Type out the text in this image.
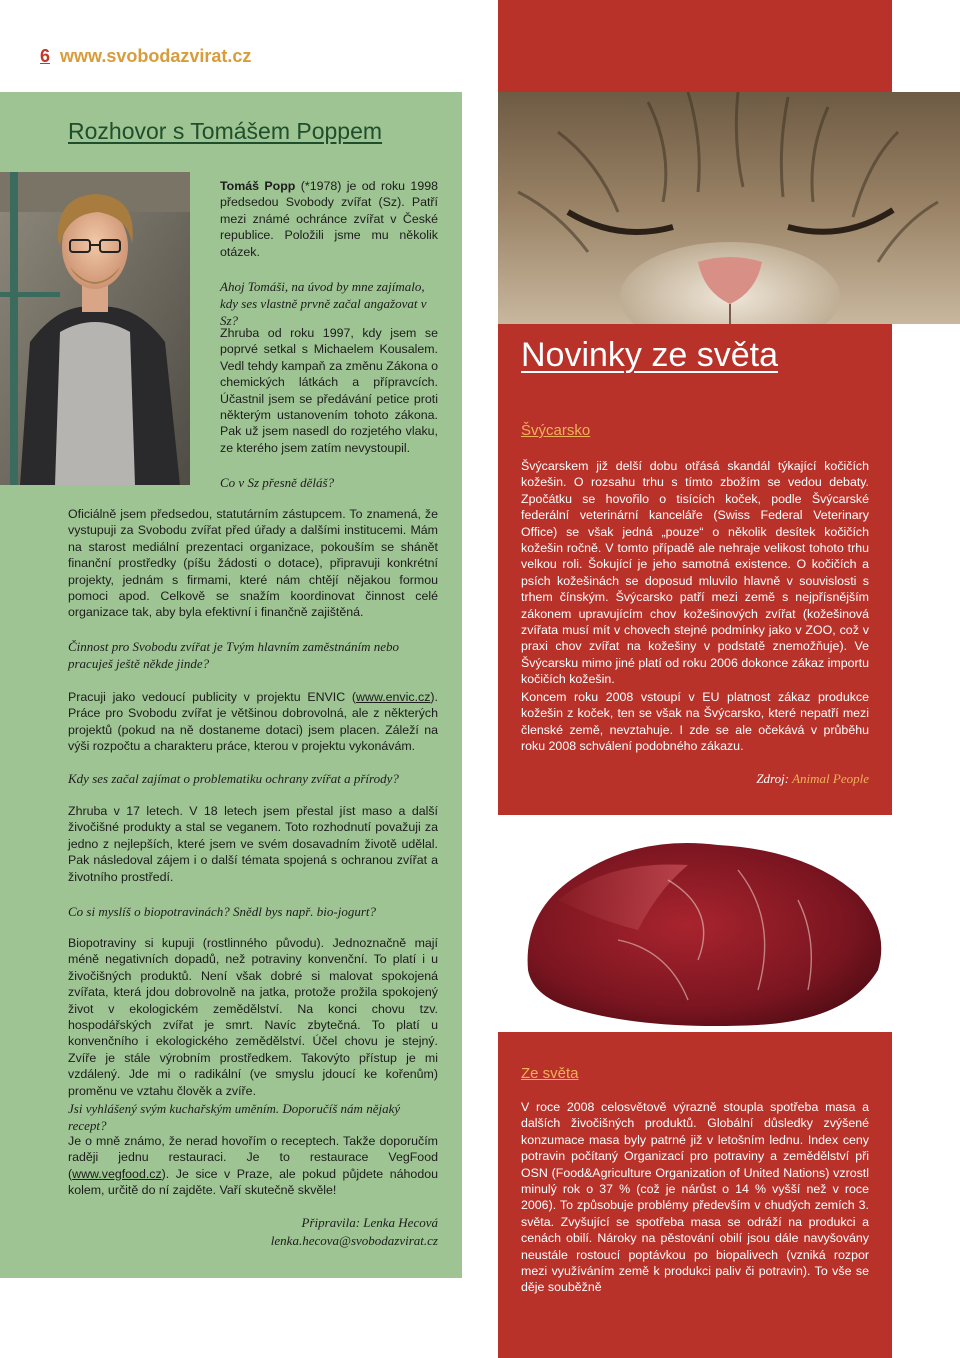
6 www.svobodazvirat.cz
Rozhovor s Tomášem Poppem
Tomáš Popp (*1978) je od roku 1998 předsedou Svobody zvířat (Sz). Patří mezi známé ochránce zvířat v České republice. Položili jsme mu několik otázek.
Ahoj Tomáši, na úvod by mne zajímalo, kdy ses vlastně prvně začal angažovat v Sz?
Zhruba od roku 1997, kdy jsem se poprvé setkal s Michaelem Kousalem. Vedl tehdy kampaň za změnu Zákona o chemických látkách a přípravcích. Účastnil jsem se předávání petice proti některým ustanovením tohoto zákona. Pak už jsem nasedl do rozjetého vlaku, ze kterého jsem zatím nevystoupil.
Co v Sz přesně děláš?
Oficiálně jsem předsedou, statutárním zástupcem. To znamená, že vystupuji za Svobodu zvířat před úřady a dalšími institucemi. Mám na starost mediální prezentaci organizace, pokouším se shánět finanční prostředky (píšu žádosti o dotace), připravuji konkrétní projekty, jednám s firmami, které nám chtějí nějakou formou pomoci apod. Celkově se snažím koordinovat činnost celé organizace tak, aby byla efektivní i finančně zajištěná.
Činnost pro Svobodu zvířat je Tvým hlavním zaměstnáním nebo pracuješ ještě někde jinde?
Pracuji jako vedoucí publicity v projektu ENVIC (www.envic.cz). Práce pro Svobodu zvířat je většinou dobrovolná, ale z některých projektů (pokud na ně dostaneme dotaci) jsem placen. Záleží na výši rozpočtu a charakteru práce, kterou v projektu vykonávám.
Kdy ses začal zajímat o problematiku ochrany zvířat a přírody?
Zhruba v 17 letech. V 18 letech jsem přestal jíst maso a další živočišné produkty a stal se veganem. Toto rozhodnutí považuji za jedno z nejlepších, které jsem ve svém dosavadním životě udělal. Pak následoval zájem i o další témata spojená s ochranou zvířat a životního prostředí.
Co si myslíš o biopotravinách? Snědl bys např. bio-jogurt?
Biopotraviny si kupuji (rostlinného původu). Jednoznačně mají méně negativních dopadů, než potraviny konvenční. To platí i u živočišných produktů. Není však dobré si malovat spokojená zvířata, která jdou dobrovolně na jatka, protože prožila spokojený život v ekologickém zemědělství. Na konci chovu tzv. hospodářských zvířat je smrt. Navíc zbytečná. To platí u konvenčního i ekologického zemědělství. Účel chovu je stejný. Zvíře je stále výrobním prostředkem. Takovýto přístup je mi vzdálený. Jde mi o radikální (ve smyslu jdoucí ke kořenům) proměnu ve vztahu člověk a zvíře.
Jsi vyhlášený svým kuchařským uměním. Doporučíš nám nějaký recept?
Je o mně známo, že nerad hovořím o receptech. Takže doporučím raději jednu restauraci. Je to restaurace VegFood (www.vegfood.cz). Je sice v Praze, ale pokud půjdete náhodou kolem, určitě do ní zajděte. Vaří skutečně skvěle!
Připravila: Lenka Hecová
lenka.hecova@svobodazvirat.cz
Novinky ze světa
Švýcarsko
Švýcarskem již delší dobu otřásá skandál týkající kočičích kožešin. O rozsahu trhu s tímto zbožím se vedou debaty. Zpočátku se hovořilo o tisících koček, podle Švýcarské federální veterinární kanceláře (Swiss Federal Veterinary Office) se však jedná „pouze“ o několik desítek kočičích kožešin ročně. V tomto případě ale nehraje velikost tohoto trhu velkou roli. Šokující je jeho samotná existence. O kočičích a psích kožešinách se doposud mluvilo hlavně v souvislosti s trhem čínským. Švýcarsko patří mezi země s nejpřísnějším zákonem upravujícím chov kožešinových zvířat (kožešinová zvířata musí mít v chovech stejné podmínky jako v ZOO, což v praxi chov zvířat na kožešiny v podstatě znemožňuje). Ve Švýcarsku mimo jiné platí od roku 2006 dokonce zákaz importu kočičích kožešin.
Koncem roku 2008 vstoupí v EU platnost zákaz produkce kožešin z koček, ten se však na Švýcarsko, které nepatří mezi členské země, nevztahuje. I zde se ale očekává v průběhu roku 2008 schválení podobného zákazu.
Zdroj: Animal People
Ze světa
V roce 2008 celosvětově výrazně stoupla spotřeba masa a dalších živočišných produktů. Globální důsledky zvýšené konzumace masa byly patrné již v letošním lednu. Index ceny potravin počítaný Organizací pro potraviny a zemědělství při OSN (Food&Agriculture Organization of United Nations) vzrostl minulý rok o 37 % (což je nárůst o 14 % vyšší než v roce 2006). To způsobuje problémy především v chudých zemích 3. světa. Zvyšující se spotřeba masa se odráží na produkci a cenách obilí. Nároky na pěstování obilí jsou dále navyšovány neustále rostoucí poptávkou po biopalivech (vzniká rozpor mezi využíváním země k produkci paliv či potravin). To vše se děje souběžně
